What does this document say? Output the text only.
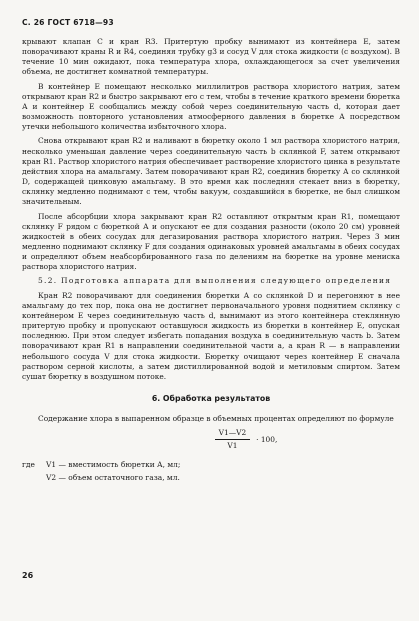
С. 26 ГОСТ 6718—93

крывают клапан С и кран R3. Притертую пробку вынимают из контейнера Е, затем поворачивают краны R и R4, соединяя трубку g3 и сосуд V для стока жидкости (с воздухом). В течение 10 мин ожидают, пока температура хлора, охлаждающегося за счет увеличения объема, не достигнет комнатной температуры.

В контейнер Е помещают несколько миллилитров раствора хлористого натрия, затем открывают кран R2 и быстро закрывают его с тем, чтобы в течение краткого времени бюретка А и контейнер Е сообщались между собой через соединительную часть d, которая дает возможность повторного установления атмосферного давления в бюретке А посредством утечки небольшого количества избыточного хлора.

Снова открывают кран R2 и наливают в бюретку около 1 мл раствора хлористого натрия, несколько уменьшая давление через соединительную часть b склянкой F, затем открывают кран R1. Раствор хлористого натрия обеспечивает растворение хлористого цинка в результате действия хлора на амальгаму. Затем поворачивают кран R2, соединив бюретку А со склянкой D, содержащей цинковую амальгаму. В это время как последняя стекает вниз в бюретку, склянку медленно поднимают с тем, чтобы вакуум, создавшийся в бюретке, не был слишком значительным.

После абсорбции хлора закрывают кран R2 оставляют открытым кран R1, помещают склянку F рядом с бюреткой А и опускают ее для создания разности (около 20 см) уровней жидкостей в обеих сосудах для дегазирования раствора хлористого натрия. Через 3 мин медленно поднимают склянку F для создания одинаковых уровней амальгамы в обеих сосудах и определяют объем неабсорбированного газа по делениям на бюретке на уровне мениска раствора хлористого натрия.

5.2. Подготовка аппарата для выполнения следующего определения

Кран R2 поворачивают для соединения бюретки А со склянкой D и перегоняют в нее амальгаму до тех пор, пока она не достигнет первоначального уровня поднятием склянку с контейнером Е через соединительную часть d, вынимают из этого контейнера стеклянную притертую пробку и пропускают оставшуюся жидкость из бюретки в контейнер Е, опуская последнюю. При этом следует избегать попадания воздуха в соединительную часть b. Затем поворачивают кран R1 в направлении соединительной части a, а кран R — в направлении небольшого сосуда V для стока жидкости. Бюретку очищают через контейнер Е сначала раствором серной кислоты, а затем дистиллированной водой и метиловым спиртом. Затем сушат бюретку в воздушном потоке.

6. Обработка результатов

Содержание хлора в выпаренном образце в объемных процентах определяют по формуле

$\frac{V1—V2}{V1} \cdot 100$,
где	V1 — вместимость бюретки А, мл;
V2 — объем остаточного газа, мл.
26
